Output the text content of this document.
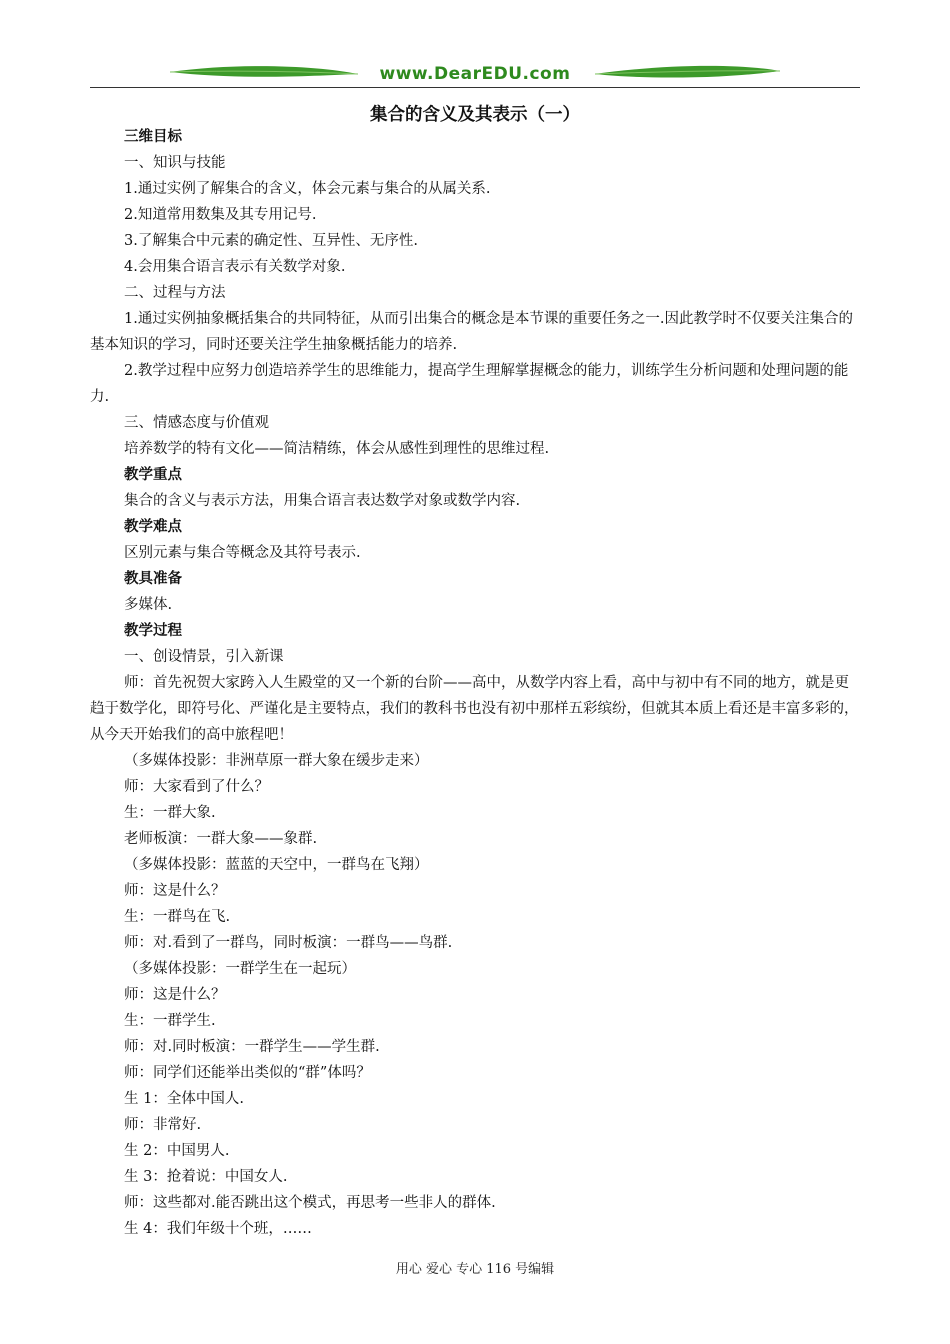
www.DearEDU.com
集合的含义及其表示（一）

三维目标

一、知识与技能

1.通过实例了解集合的含义，体会元素与集合的从属关系.

2.知道常用数集及其专用记号.

3.了解集合中元素的确定性、互异性、无序性.

4.会用集合语言表示有关数学对象.

二、过程与方法

1.通过实例抽象概括集合的共同特征，从而引出集合的概念是本节课的重要任务之一.因此教学时不仅要关注集合的基本知识的学习，同时还要关注学生抽象概括能力的培养.

2.教学过程中应努力创造培养学生的思维能力，提高学生理解掌握概念的能力，训练学生分析问题和处理问题的能力.

三、情感态度与价值观

培养数学的特有文化——简洁精练，体会从感性到理性的思维过程.

教学重点

集合的含义与表示方法，用集合语言表达数学对象或数学内容.

教学难点

区别元素与集合等概念及其符号表示.

教具准备

多媒体.

教学过程

一、创设情景，引入新课

师：首先祝贺大家跨入人生殿堂的又一个新的台阶——高中，从数学内容上看，高中与初中有不同的地方，就是更趋于数学化，即符号化、严谨化是主要特点，我们的教科书也没有初中那样五彩缤纷，但就其本质上看还是丰富多彩的，从今天开始我们的高中旅程吧！

（多媒体投影：非洲草原一群大象在缓步走来）

师：大家看到了什么？

生：一群大象.

老师板演：一群大象——象群.

（多媒体投影：蓝蓝的天空中，一群鸟在飞翔）

师：这是什么？

生：一群鸟在飞.

师：对.看到了一群鸟，同时板演：一群鸟——鸟群.

（多媒体投影：一群学生在一起玩）

师：这是什么？

生：一群学生.

师：对.同时板演：一群学生——学生群.

师：同学们还能举出类似的“群”体吗？

生 1：全体中国人.

师：非常好.

生 2：中国男人.

生 3：抢着说：中国女人.

师：这些都对.能否跳出这个模式，再思考一些非人的群体.

生 4：我们年级十个班，……

用心 爱心 专心 116 号编辑
